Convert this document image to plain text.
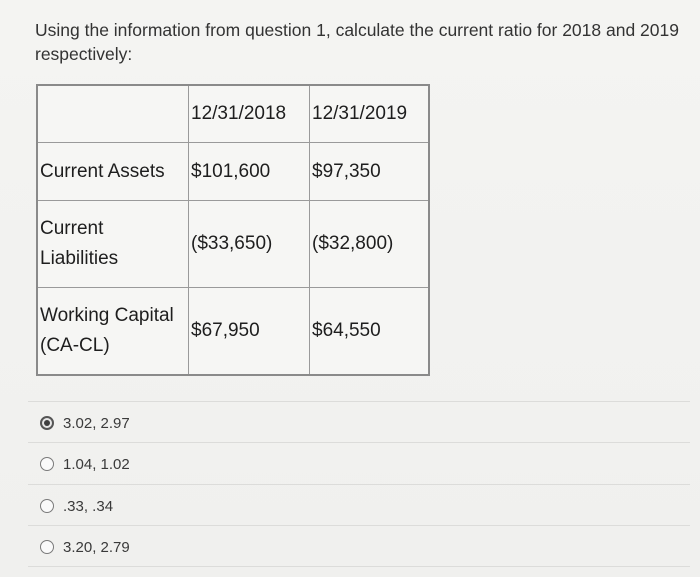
Using the information from question 1, calculate the current ratio for 2018 and 2019 respectively:

	12/31/2018	12/31/2019
Current Assets	$101,600	$97,350
Current Liabilities	($33,650)	($32,800)
Working Capital (CA-CL)	$67,950	$64,550
3.02, 2.97
1.04, 1.02
.33, .34
3.20, 2.79
